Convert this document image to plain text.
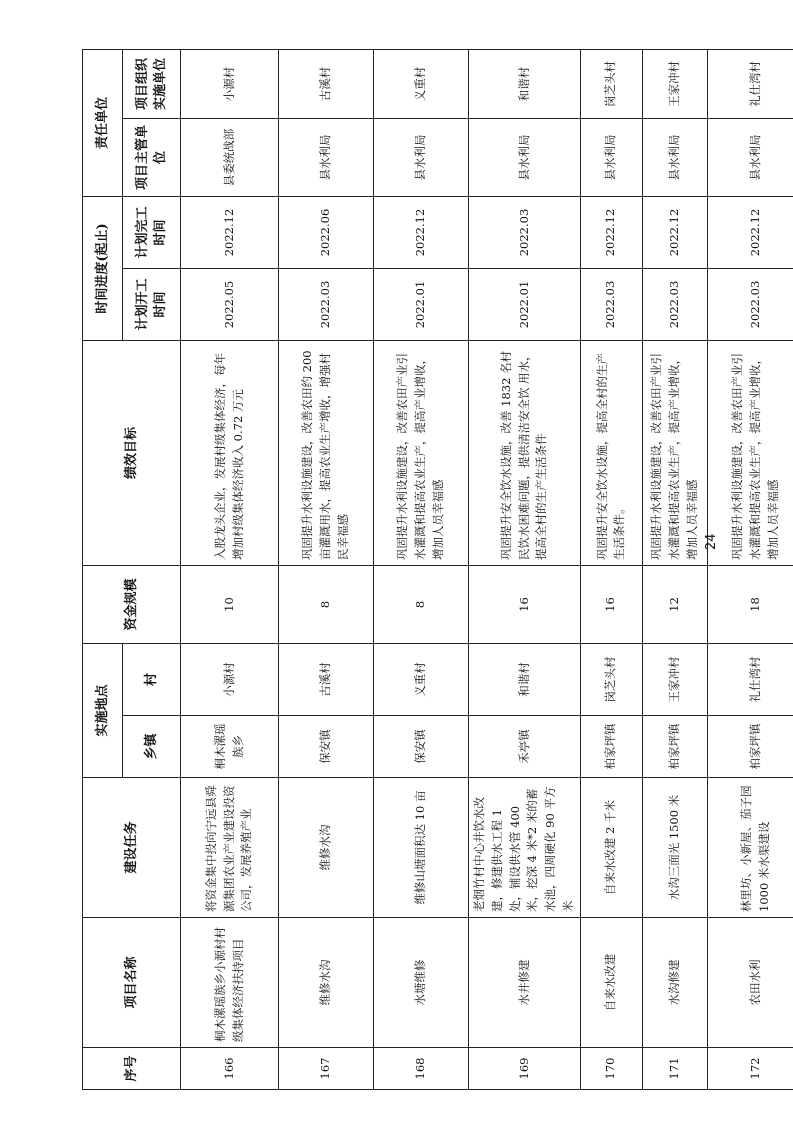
序号	项目名称	建设任务	实施地点		资金规模	绩效目标	时间进度(起止)		责任单位	
			乡镇	村			计划开工时间	计划完工时间	项目主管单位	项目组织实施单位
166	桐木漯瑶族乡小源村村级集体经济扶持项目	将资金集中投向宁远县舜源集团农业产业建设投资公司，发展养殖产业	桐木漯瑶族乡	小源村	10	入股龙头企业，发展村级集体经济，每年增加村级集体经济收入 0.72 万元	2022.05	2022.12	县委统战部	小源村
167	维修水沟	维修水沟	保安镇	古溪村	8	巩固提升水利设施建设，改善农田约 200 亩灌溉用水，提高农业生产增收，增强村民幸福感	2022.03	2022.06	县水利局	古溪村
168	水塘维修	维修山塘面积达 10 亩	保安镇	义重村	8	巩固提升水利设施建设，改善农田产业引水灌溉和提高农业生产，提高产业增收，增加人员幸福感	2022.01	2022.12	县水利局	义重村
169	水井修建	老烟竹村中心井饮水改建，修建供水工程 1 处，铺设供水管 400 米，挖深 4 米*2 米的蓄水池，四周硬化 90 平方米	禾亭镇	和谐村	16	巩固提升安全饮水设施，改善 1832 名村民饮水困难问题，提供清洁安全饮 用水，提高全村的生产生活条件	2022.01	2022.03	县水利局	和谐村
170	自来水改建	自来水改建 2 千米	柏家坪镇	岗芝头村	16	巩固提升安全饮水设施，提高全村的生产生活条件。	2022.03	2022.12	县水利局	岗芝头村
171	水沟修建	水沟三面光 1500 米	柏家坪镇	王家冲村	12	巩固提升水利设施建设，改善农田产业引水灌溉和提高农业生产，提高产业增收，增加人员幸福感	2022.03	2022.12	县水利局	王家冲村
172	农田水利	林里坊、小新屋、茄子园 1000 米水渠建设	柏家坪镇	礼仕湾村	18	巩固提升水利设施建设，改善农田产业引水灌溉和提高农业生产，提高产业增收，增加人员幸福感	2022.03	2022.12	县水利局	礼仕湾村
24
